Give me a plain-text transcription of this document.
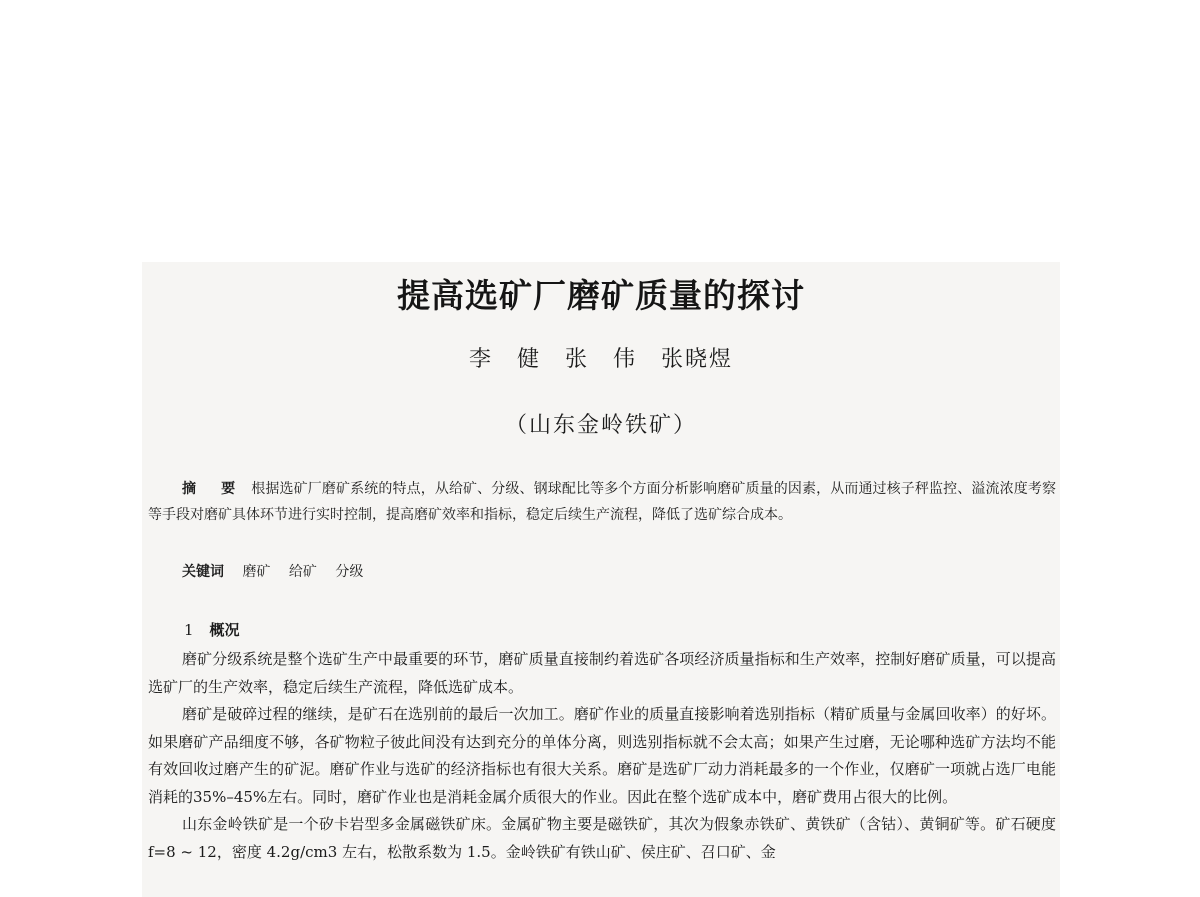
提高选矿厂磨矿质量的探讨
李　健　张　伟　张晓煜
（山东金岭铁矿）
摘 要 根据选矿厂磨矿系统的特点，从给矿、分级、钢球配比等多个方面分析影响磨矿质量的因素，从而通过核子秤监控、溢流浓度考察等手段对磨矿具体环节进行实时控制，提高磨矿效率和指标，稳定后续生产流程，降低了选矿综合成本。
关键词 磨矿 给矿 分级
1 概况

磨矿分级系统是整个选矿生产中最重要的环节，磨矿质量直接制约着选矿各项经济质量指标和生产效率，控制好磨矿质量，可以提高选矿厂的生产效率，稳定后续生产流程，降低选矿成本。

磨矿是破碎过程的继续，是矿石在选别前的最后一次加工。磨矿作业的质量直接影响着选别指标（精矿质量与金属回收率）的好坏。如果磨矿产品细度不够，各矿物粒子彼此间没有达到充分的单体分离，则选别指标就不会太高；如果产生过磨，无论哪种选矿方法均不能有效回收过磨产生的矿泥。磨矿作业与选矿的经济指标也有很大关系。磨矿是选矿厂动力消耗最多的一个作业，仅磨矿一项就占选厂电能消耗的35%–45%左右。同时，磨矿作业也是消耗金属介质很大的作业。因此在整个选矿成本中，磨矿费用占很大的比例。

山东金岭铁矿是一个矽卡岩型多金属磁铁矿床。金属矿物主要是磁铁矿，其次为假象赤铁矿、黄铁矿（含钴）、黄铜矿等。矿石硬度 f=8 ~ 12，密度 4.2g/cm3 左右，松散系数为 1.5。金岭铁矿有铁山矿、侯庄矿、召口矿、金
